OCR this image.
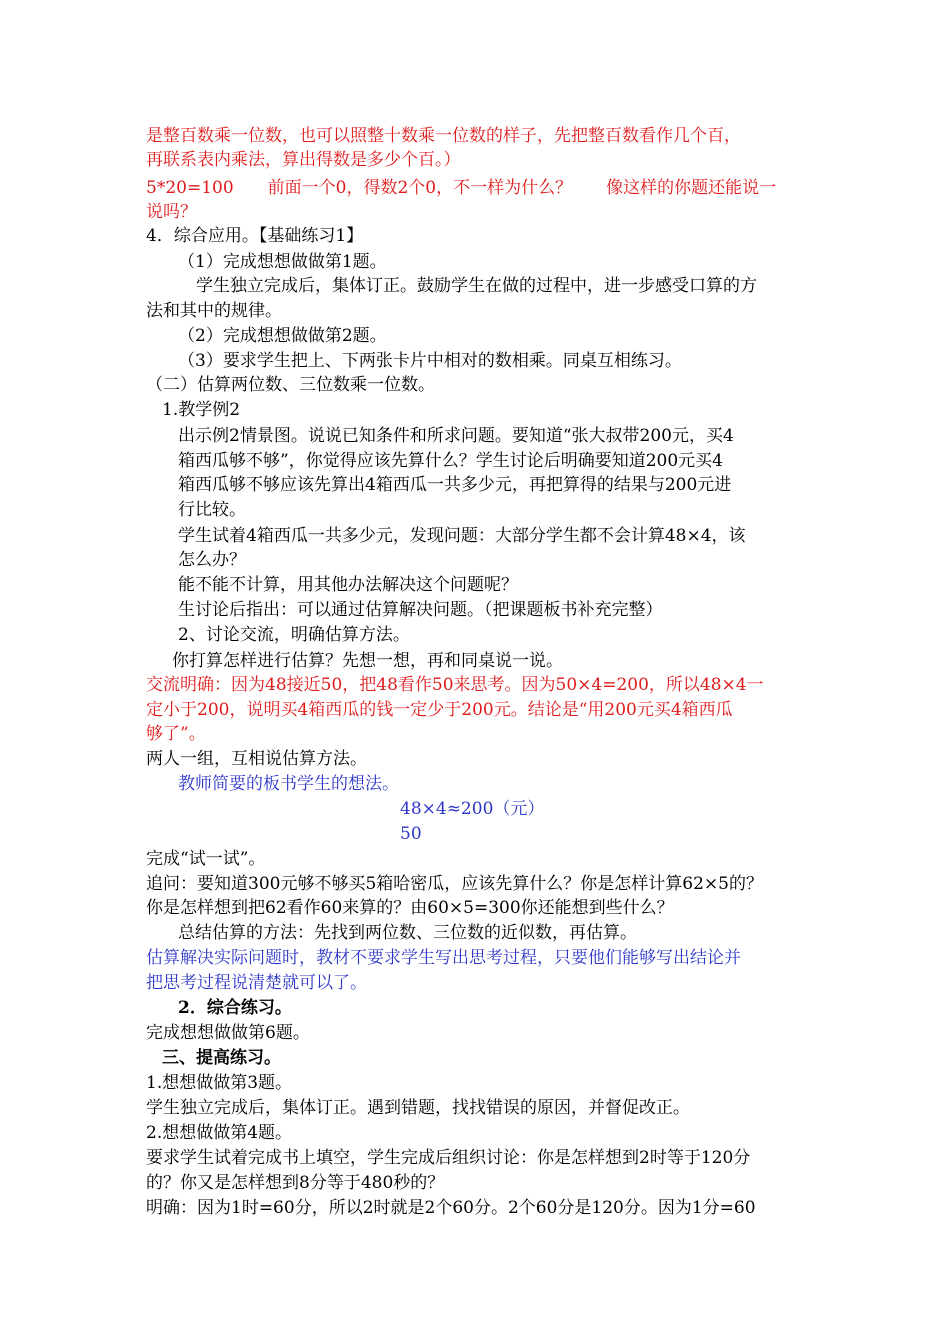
是整百数乘一位数，也可以照整十数乘一位数的样子，先把整百数看作几个百，
再联系表内乘法，算出得数是多少个百。）
5*20=100　　前面一个0，得数2个0，不一样为什么？　　像这样的你题还能说一
说吗？
4．综合应用。【基础练习1】
（1）完成想想做做第1题。
学生独立完成后，集体订正。鼓励学生在做的过程中，进一步感受口算的方
法和其中的规律。
（2）完成想想做做第2题。
（3）要求学生把上、下两张卡片中相对的数相乘。同桌互相练习。
（二）估算两位数、三位数乘一位数。
1.教学例2
出示例2情景图。说说已知条件和所求问题。要知道“张大叔带200元，买4
箱西瓜够不够”，你觉得应该先算什么？学生讨论后明确要知道200元买4
箱西瓜够不够应该先算出4箱西瓜一共多少元，再把算得的结果与200元进
行比较。
学生试着4箱西瓜一共多少元，发现问题：大部分学生都不会计算48×4，该
怎么办？
能不能不计算，用其他办法解决这个问题呢？
生讨论后指出：可以通过估算解决问题。（把课题板书补充完整）
2、讨论交流，明确估算方法。
你打算怎样进行估算？先想一想，再和同桌说一说。
交流明确：因为48接近50，把48看作50来思考。因为50×4=200，所以48×4一
定小于200，说明买4箱西瓜的钱一定少于200元。结论是“用200元买4箱西瓜
够了”。
两人一组，互相说估算方法。
教师简要的板书学生的想法。
48×4≈200（元）
50
完成“试一试”。
追问：要知道300元够不够买5箱哈密瓜，应该先算什么？你是怎样计算62×5的？
你是怎样想到把62看作60来算的？由60×5=300你还能想到些什么？
总结估算的方法：先找到两位数、三位数的近似数，再估算。
估算解决实际问题时，教材不要求学生写出思考过程，只要他们能够写出结论并
把思考过程说清楚就可以了。
2．综合练习。
完成想想做做第6题。
三、提高练习。
1.想想做做第3题。
学生独立完成后，集体订正。遇到错题，找找错误的原因，并督促改正。
2.想想做做第4题。
要求学生试着完成书上填空，学生完成后组织讨论：你是怎样想到2时等于120分
的？你又是怎样想到8分等于480秒的？
明确：因为1时=60分，所以2时就是2个60分。2个60分是120分。因为1分=60
